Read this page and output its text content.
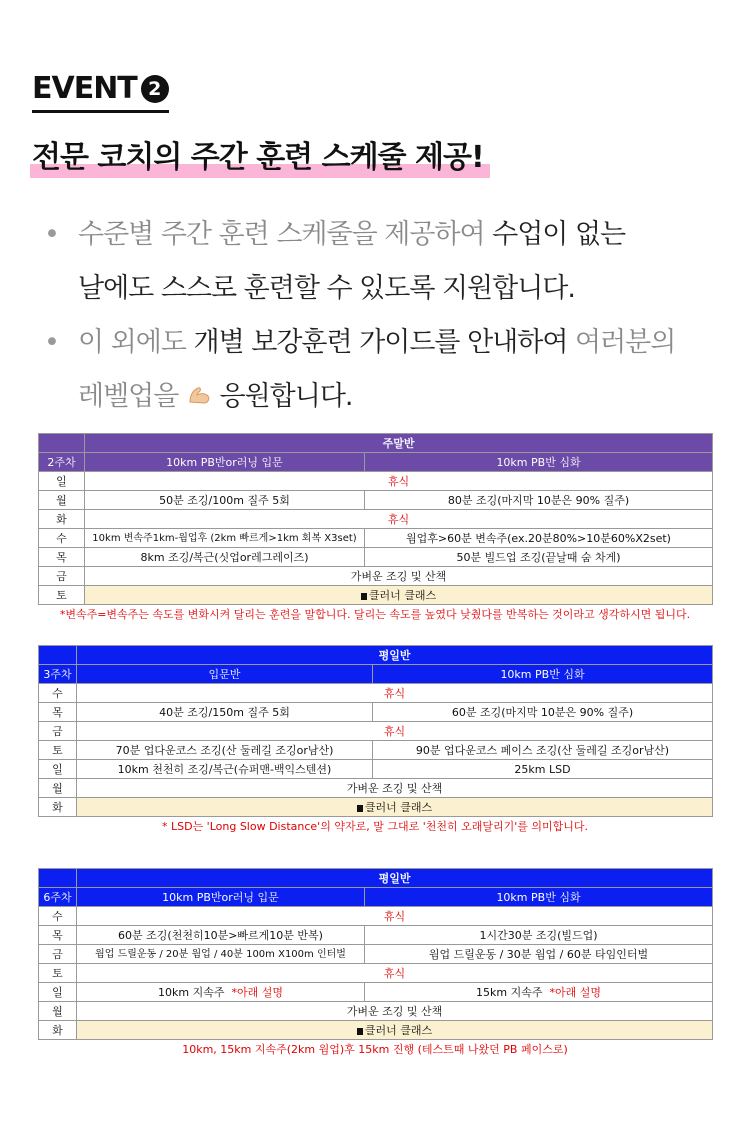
EVENT 2
전문 코치의 주간 훈련 스케줄 제공!
• 수준별 주간 훈련 스케줄을 제공하여 수업이 없는
날에도 스스로 훈련할 수 있도록 지원합니다.
• 이 외에도 개별 보강훈련 가이드를 안내하여 여러분의
레벨업을 응원합니다.
	주말반	
2주차	10km PB반or러닝 입문	10km PB반 심화
일	휴식	
월	50분 조깅/100m 질주 5회	80분 조깅(마지막 10분은 90% 질주)
화	휴식	
수	10km 변속주1km-웜업후 (2km 빠르게>1km 회복 X3set)	웜업후>60분 변속주(ex.20분80%>10분60%X2set)
목	8km 조깅/복근(싯업or레그레이즈)	50분 빌드업 조깅(끝날때 숨 차게)
금	가벼운 조깅 및 산책	
토	클러너 클래스	
*변속주=변속주는 속도를 변화시켜 달리는 훈련을 말합니다. 달리는 속도를 높였다 낮췄다를 반복하는 것이라고 생각하시면 됩니다.
	평일반	
3주차	입문반	10km PB반 심화
수	휴식	
목	40분 조깅/150m 질주 5회	60분 조깅(마지막 10분은 90% 질주)
금	휴식	
토	70분 업다운코스 조깅(산 둘레길 조깅or남산)	90분 업다운코스 페이스 조깅(산 둘레길 조깅or남산)
일	10km 천천히 조깅/복근(슈퍼맨-백익스텐션)	25km LSD
월	가벼운 조깅 및 산책	
화	클러너 클래스	
* LSD는 'Long Slow Distance'의 약자로, 말 그대로 '천천히 오래달리기'를 의미합니다.
	평일반	
6주차	10km PB반or러닝 입문	10km PB반 심화
수	휴식	
목	60분 조깅(천천히10분>빠르게10분 반복)	1시간30분 조깅(빌드업)
금	웜업 드릴운동 / 20분 웜업 / 40분 100m X100m 인터벌	웜업 드릴운동 / 30분 웜업 / 60분 타임인터벌
토	휴식	
일	10km 지속주 *아래 설명	15km 지속주 *아래 설명
월	가벼운 조깅 및 산책	
화	클러너 클래스	
10km, 15km 지속주(2km 웜업)후 15km 진행 (테스트때 나왔던 PB 페이스로)
